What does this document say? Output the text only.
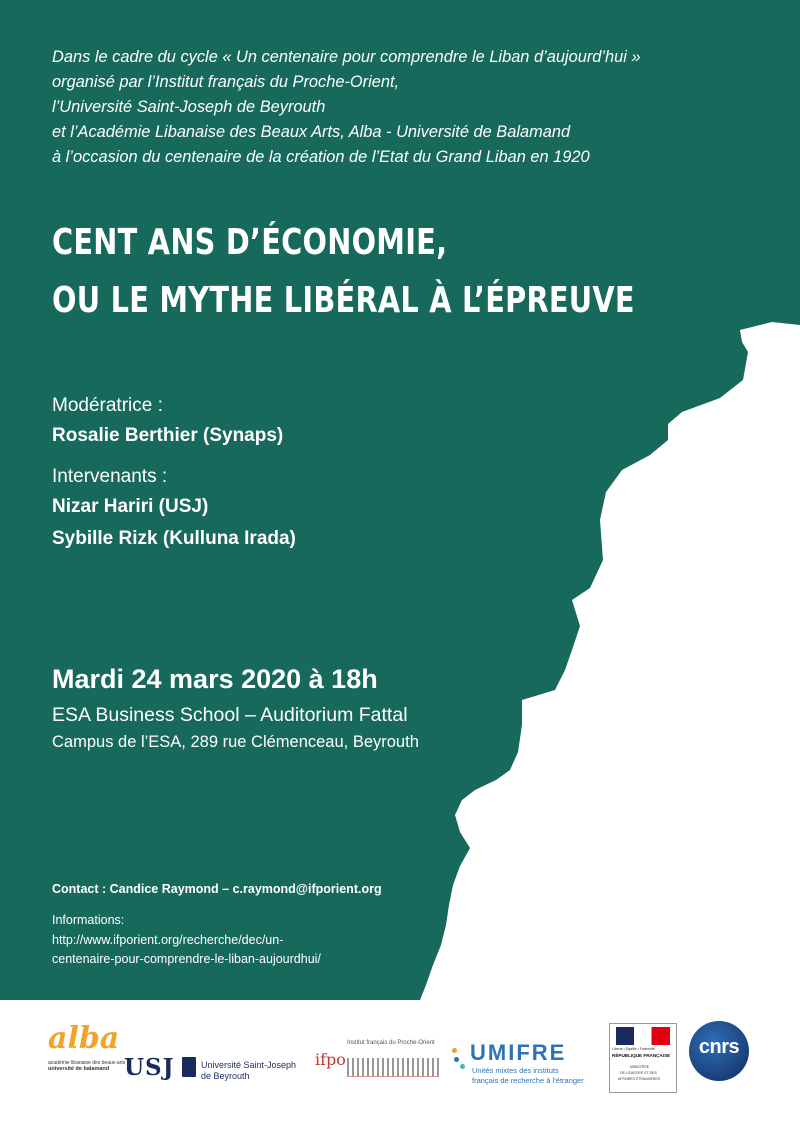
Dans le cadre du cycle « Un centenaire pour comprendre le Liban d’aujourd’hui »
organisé par l’Institut français du Proche-Orient,
l’Université Saint-Joseph de Beyrouth
et l’Académie Libanaise des Beaux Arts, Alba - Université de Balamand
à l’occasion du centenaire de la création de l’Etat du Grand Liban en 1920
CENT ANS D’ÉCONOMIE,
OU LE MYTHE LIBÉRAL À L’ÉPREUVE
Modératrice :
Rosalie Berthier (Synaps)
Intervenants :
Nizar Hariri (USJ)
Sybille Rizk (Kulluna Irada)
Mardi 24 mars 2020 à 18h
ESA Business School – Auditorium Fattal
Campus de l’ESA, 289 rue Clémenceau, Beyrouth
Contact : Candice Raymond – c.raymond@ifporient.org
Informations:
http://www.ifporient.org/recherche/dec/un-
centenaire-pour-comprendre-le-liban-aujourdhui/
alba
académie libanaise des beaux-arts
université de balamand USJ	Université Saint-Joseph
de Beyrouth
ifpo
Institut français du Proche-Orient UMIFRE
Unités mixtes des instituts
français de recherche à l’étranger
Liberté • Égalité • Fraternité
RÉPUBLIQUE FRANÇAISE
MINISTÈRE
DE L'EUROPE ET DES
AFFAIRES ÉTRANGÈRES
cnrs
